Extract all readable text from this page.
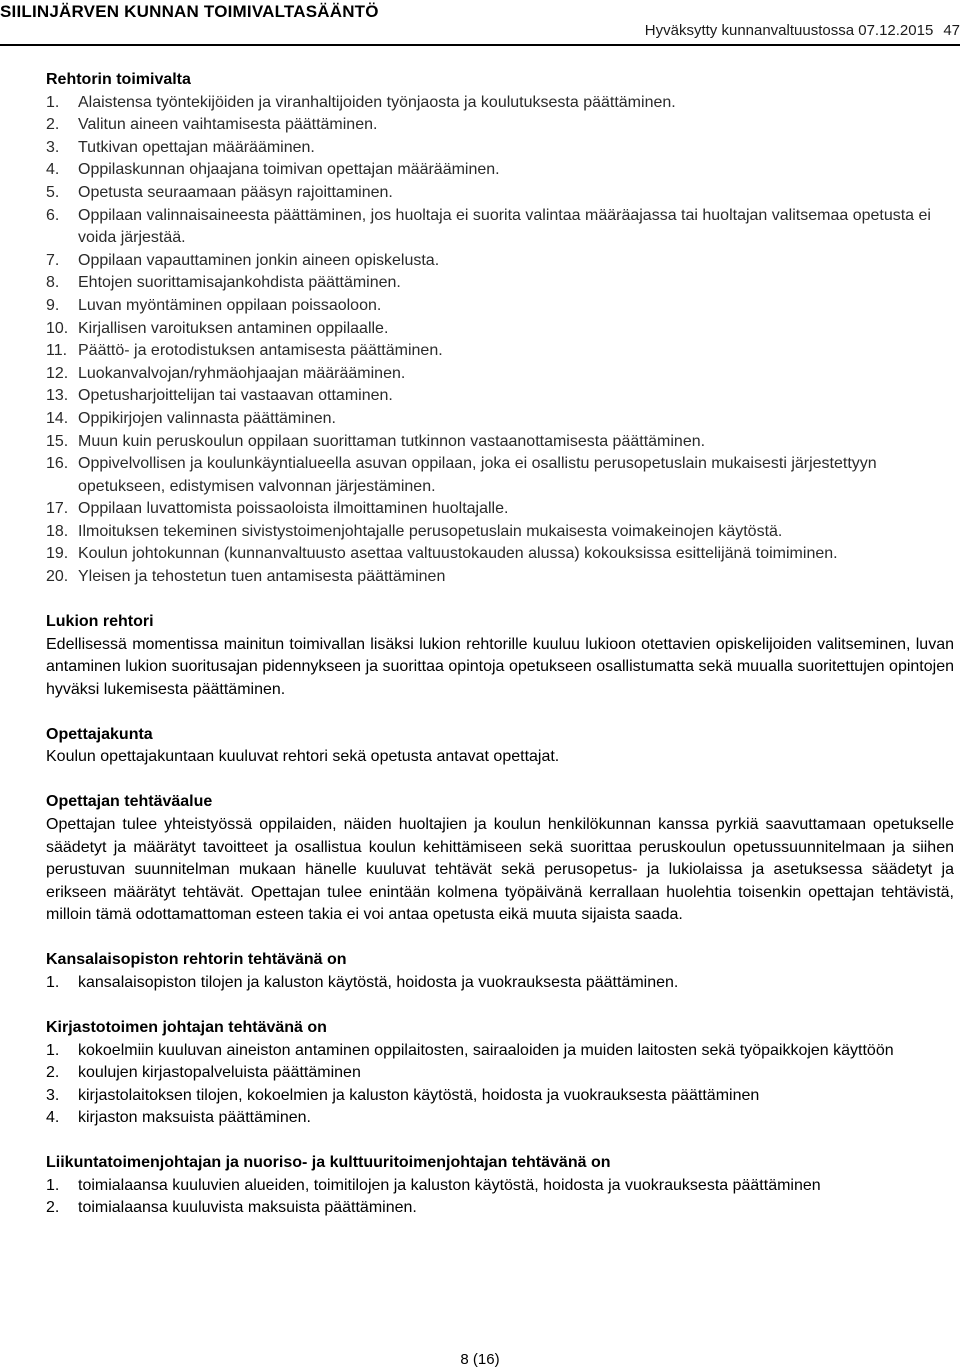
SIILINJÄRVEN KUNNAN TOIMIVALTASÄÄNTÖ
Hyväksytty kunnanvaltuustossa 07.12.2015 47
Rehtorin toimivalta
1. Alaistensa työntekijöiden ja viranhaltijoiden työnjaosta ja koulutuksesta päättäminen.
2. Valitun aineen vaihtamisesta päättäminen.
3. Tutkivan opettajan määrääminen.
4. Oppilaskunnan ohjaajana toimivan opettajan määrääminen.
5. Opetusta seuraamaan pääsyn rajoittaminen.
6. Oppilaan valinnaisaineesta päättäminen, jos huoltaja ei suorita valintaa määräajassa tai huoltajan valitsemaa opetusta ei voida järjestää.
7. Oppilaan vapauttaminen jonkin aineen opiskelusta.
8. Ehtojen suorittamisajankohdista päättäminen.
9. Luvan myöntäminen oppilaan poissaoloon.
10. Kirjallisen varoituksen antaminen oppilaalle.
11. Päättö- ja erotodistuksen antamisesta päättäminen.
12. Luokanvalvojan/ryhmäohjaajan määrääminen.
13. Opetusharjoittelijan tai vastaavan ottaminen.
14. Oppikirjojen valinnasta päättäminen.
15. Muun kuin peruskoulun oppilaan suorittaman tutkinnon vastaanottamisesta päättäminen.
16. Oppivelvollisen ja koulunkäyntialueella asuvan oppilaan, joka ei osallistu perusopetuslain mukaisesti järjestettyyn opetukseen, edistymisen valvonnan järjestäminen.
17. Oppilaan luvattomista poissaoloista ilmoittaminen huoltajalle.
18. Ilmoituksen tekeminen sivistystoimenjohtajalle perusopetuslain mukaisesta voimakeinojen käytöstä.
19. Koulun johtokunnan (kunnanvaltuusto asettaa valtuustokauden alussa) kokouksissa esittelijänä toimiminen.
20. Yleisen ja tehostetun tuen antamisesta päättäminen
Lukion rehtori

Edellisessä momentissa mainitun toimivallan lisäksi lukion rehtorille kuuluu lukioon otettavien opiskelijoiden valitseminen, luvan antaminen lukion suoritusajan pidennykseen ja suorittaa opintoja opetukseen osallistumatta sekä muualla suoritettujen opintojen hyväksi lukemisesta päättäminen.

Opettajakunta

Koulun opettajakuntaan kuuluvat rehtori sekä opetusta antavat opettajat.

Opettajan tehtäväalue

Opettajan tulee yhteistyössä oppilaiden, näiden huoltajien ja koulun henkilökunnan kanssa pyrkiä saavuttamaan opetukselle säädetyt ja määrätyt tavoitteet ja osallistua koulun kehittämiseen sekä suorittaa peruskoulun opetussuunnitelmaan ja siihen perustuvan suunnitelman mukaan hänelle kuuluvat tehtävät sekä perusopetus- ja lukiolaissa ja asetuksessa säädetyt ja erikseen määrätyt tehtävät. Opettajan tulee enintään kolmena työpäivänä kerrallaan huolehtia toisenkin opettajan tehtävistä, milloin tämä odottamattoman esteen takia ei voi antaa opetusta eikä muuta sijaista saada.

Kansalaisopiston rehtorin tehtävänä on
1. kansalaisopiston tilojen ja kaluston käytöstä, hoidosta ja vuokrauksesta päättäminen.
Kirjastotoimen johtajan tehtävänä on
1. kokoelmiin kuuluvan aineiston antaminen oppilaitosten, sairaaloiden ja muiden laitosten sekä työpaikkojen käyttöön
2. koulujen kirjastopalveluista päättäminen
3. kirjastolaitoksen tilojen, kokoelmien ja kaluston käytöstä, hoidosta ja vuokrauksesta päättäminen
4. kirjaston maksuista päättäminen.
Liikuntatoimenjohtajan ja nuoriso- ja kulttuuritoimenjohtajan tehtävänä on
1. toimialaansa kuuluvien alueiden, toimitilojen ja kaluston käytöstä, hoidosta ja vuokrauksesta päättäminen
2. toimialaansa kuuluvista maksuista päättäminen.
8 (16)
